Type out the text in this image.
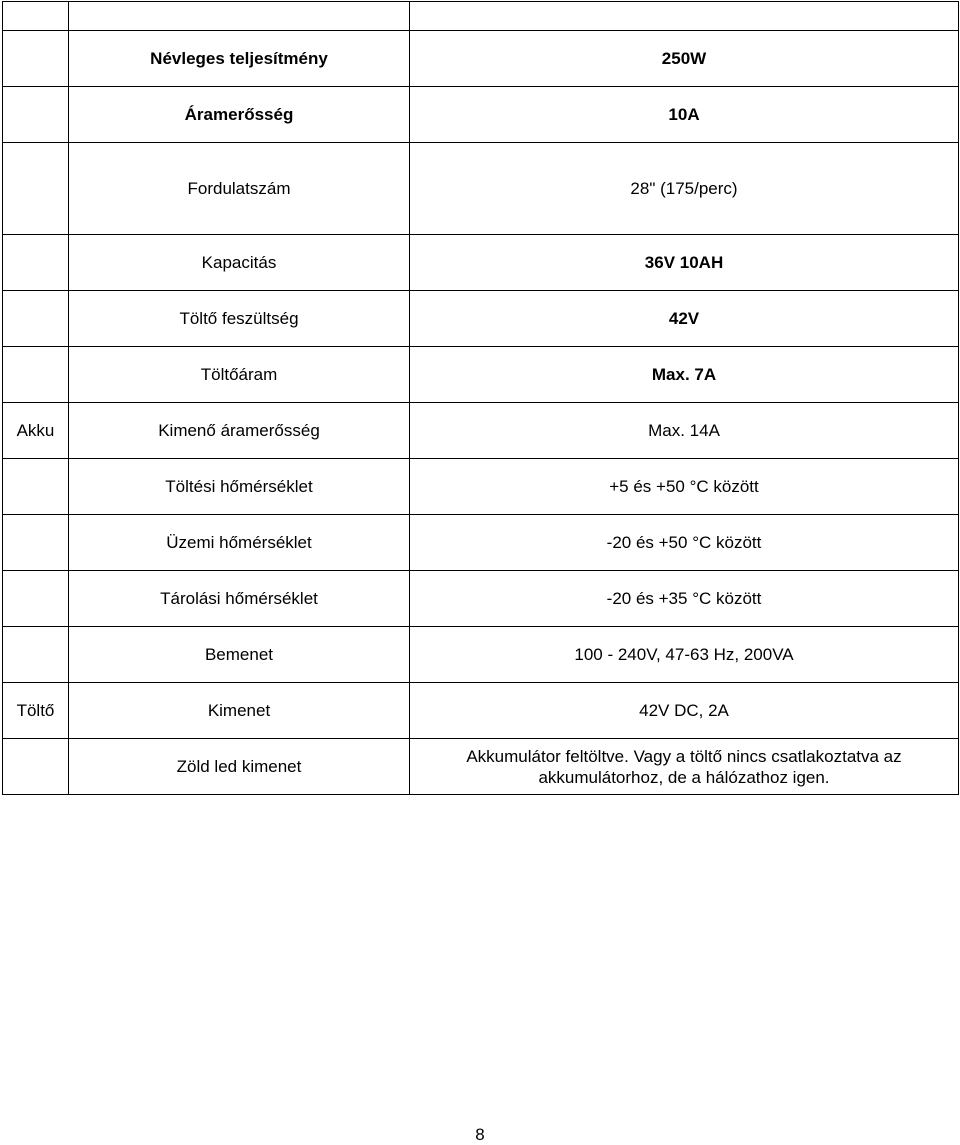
	Névleges teljesítmény	250W
	Áramerősség	10A
	Fordulatszám	28" (175/perc)
	Kapacitás	36V 10AH
	Töltő feszültség	42V
	Töltőáram	Max. 7A
Akku	Kimenő áramerősség	Max. 14A
	Töltési hőmérséklet	+5 és +50 °C között
	Üzemi hőmérséklet	-20 és +50 °C között
	Tárolási hőmérséklet	-20 és +35 °C között
	Bemenet	100 - 240V, 47-63 Hz, 200VA
Töltő	Kimenet	42V DC, 2A
	Zöld led kimenet	Akkumulátor feltöltve. Vagy a töltő nincs csatlakoztatva az akkumulátorhoz, de a hálózathoz igen.
8
